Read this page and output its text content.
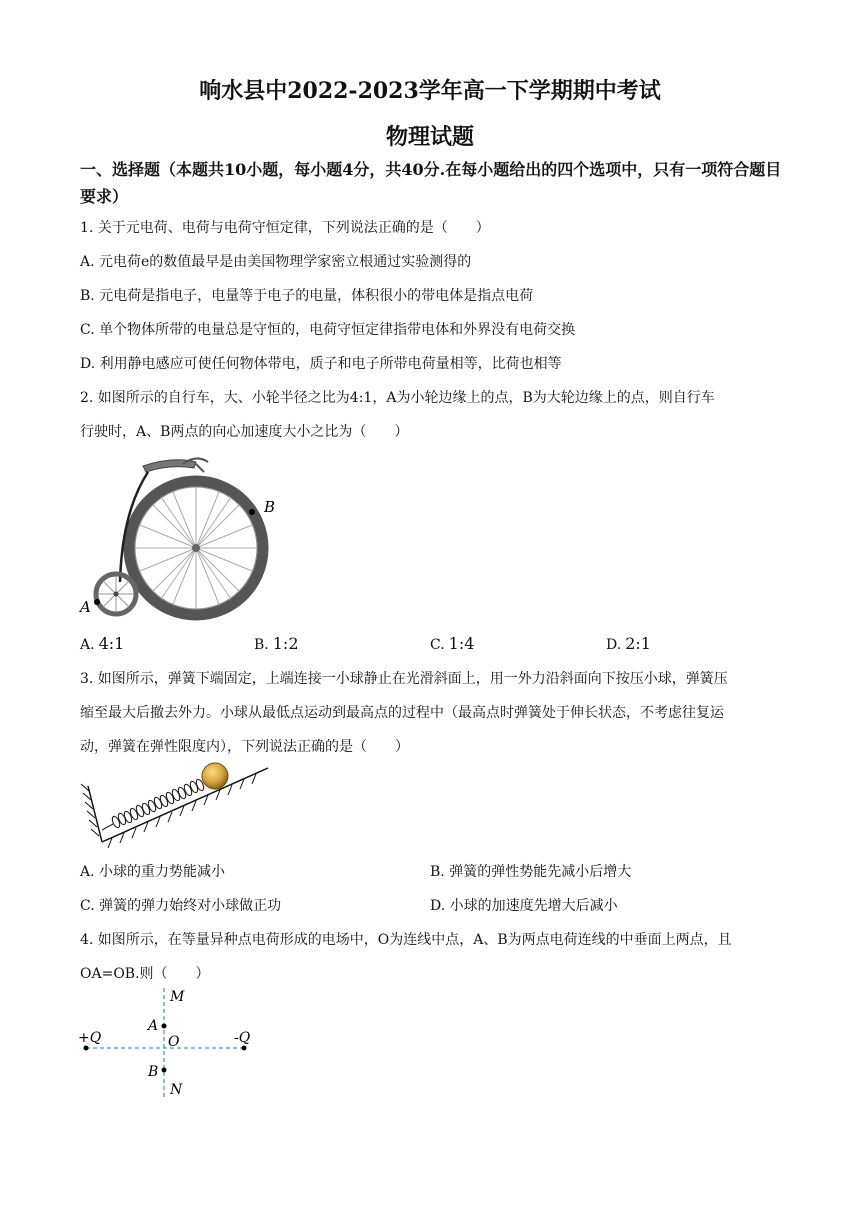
响水县中2022-2023学年高一下学期期中考试
物理试题
一、选择题（本题共10小题，每小题4分，共40分.在每小题给出的四个选项中，只有一项符合题目要求）
1. 关于元电荷、电荷与电荷守恒定律，下列说法正确的是（　　）
A. 元电荷e的数值最早是由美国物理学家密立根通过实验测得的
B. 元电荷是指电子，电量等于电子的电量，体积很小的带电体是指点电荷
C. 单个物体所带的电量总是守恒的，电荷守恒定律指带电体和外界没有电荷交换
D. 利用静电感应可使任何物体带电，质子和电子所带电荷量相等，比荷也相等
2. 如图所示的自行车，大、小轮半径之比为4:1，A为小轮边缘上的点，B为大轮边缘上的点，则自行车
行驶时，A、B两点的向心加速度大小之比为（　　）
A
B
A. 4:1	B. 1:2	C. 1:4	D. 2:1
3. 如图所示，弹簧下端固定，上端连接一小球静止在光滑斜面上，用一外力沿斜面向下按压小球，弹簧压
缩至最大后撤去外力。小球从最低点运动到最高点的过程中（最高点时弹簧处于伸长状态，不考虑往复运
动，弹簧在弹性限度内），下列说法正确的是（　　）
A. 小球的重力势能减小	B. 弹簧的弹性势能先减小后增大
C. 弹簧的弹力始终对小球做正功	D. 小球的加速度先增大后减小
4. 如图所示，在等量异种点电荷形成的电场中，O为连线中点，A、B为两点电荷连线的中垂面上两点，且
OA=OB.则（　　）
M
A
O
B
N
+Q	-Q
